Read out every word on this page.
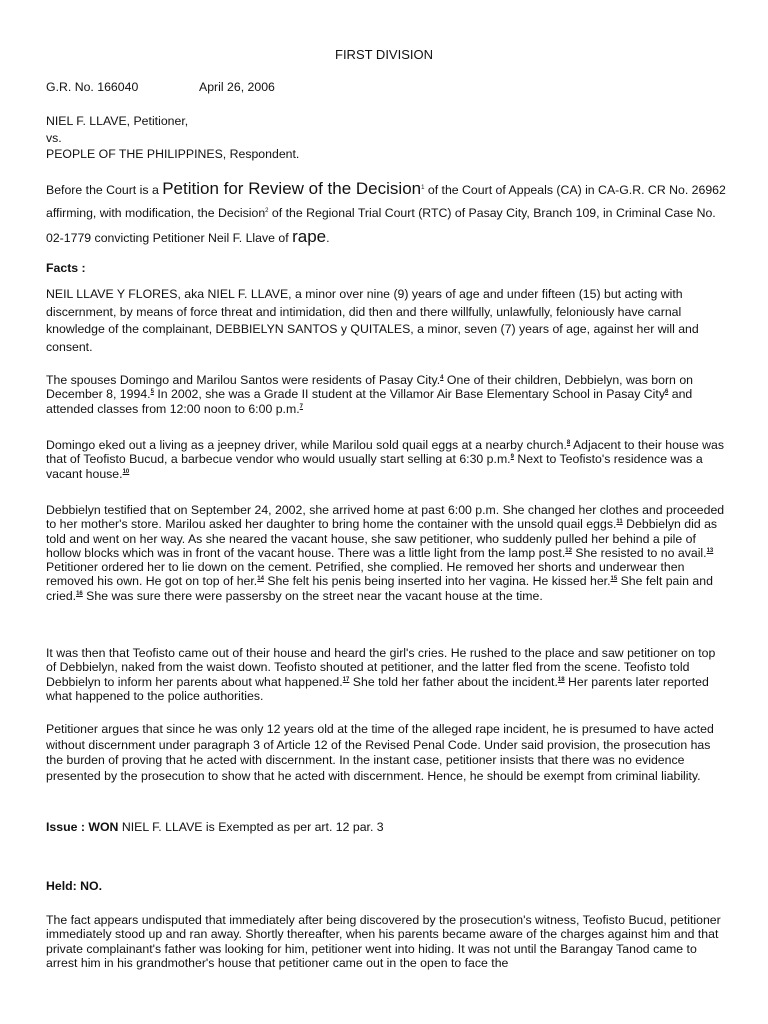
FIRST DIVISION
G.R. No. 166040	April 26, 2006

NIEL F. LLAVE, Petitioner,

vs.

PEOPLE OF THE PHILIPPINES, Respondent.

Before the Court is a Petition for Review of the Decision$^1$ of the Court of Appeals (CA) in CA-G.R. CR No. 26962 affirming, with modification, the Decision$^2$ of the Regional Trial Court (RTC) of Pasay City, Branch 109, in Criminal Case No. 02-1779 convicting Petitioner Neil F. Llave of rape.

Facts :

NEIL LLAVE Y FLORES, aka NIEL F. LLAVE, a minor over nine (9) years of age and under fifteen (15) but acting with discernment, by means of force threat and intimidation, did then and there willfully, unlawfully, feloniously have carnal knowledge of the complainant, DEBBIELYN SANTOS y QUITALES, a minor, seven (7) years of age, against her will and consent.

The spouses Domingo and Marilou Santos were residents of Pasay City.$^4$ One of their children, Debbielyn, was born on December 8, 1994.$^5$ In 2002, she was a Grade II student at the Villamor Air Base Elementary School in Pasay City$^6$ and attended classes from 12:00 noon to 6:00 p.m.$^7$

Domingo eked out a living as a jeepney driver, while Marilou sold quail eggs at a nearby church.$^8$ Adjacent to their house was that of Teofisto Bucud, a barbecue vendor who would usually start selling at 6:30 p.m.$^9$ Next to Teofisto's residence was a vacant house.$^{10}$

Debbielyn testified that on September 24, 2002, she arrived home at past 6:00 p.m. She changed her clothes and proceeded to her mother's store. Marilou asked her daughter to bring home the container with the unsold quail eggs.$^{11}$ Debbielyn did as told and went on her way. As she neared the vacant house, she saw petitioner, who suddenly pulled her behind a pile of hollow blocks which was in front of the vacant house. There was a little light from the lamp post.$^{12}$ She resisted to no avail.$^{13}$ Petitioner ordered her to lie down on the cement. Petrified, she complied. He removed her shorts and underwear then removed his own. He got on top of her.$^{14}$ She felt his penis being inserted into her vagina. He kissed her.$^{15}$ She felt pain and cried.$^{16}$ She was sure there were passersby on the street near the vacant house at the time.

It was then that Teofisto came out of their house and heard the girl's cries. He rushed to the place and saw petitioner on top of Debbielyn, naked from the waist down. Teofisto shouted at petitioner, and the latter fled from the scene. Teofisto told Debbielyn to inform her parents about what happened.$^{17}$ She told her father about the incident.$^{18}$ Her parents later reported what happened to the police authorities.

Petitioner argues that since he was only 12 years old at the time of the alleged rape incident, he is presumed to have acted without discernment under paragraph 3 of Article 12 of the Revised Penal Code. Under said provision, the prosecution has the burden of proving that he acted with discernment. In the instant case, petitioner insists that there was no evidence presented by the prosecution to show that he acted with discernment. Hence, he should be exempt from criminal liability.

Issue : WON NIEL F. LLAVE is Exempted as per art. 12 par. 3
Held: NO.

The fact appears undisputed that immediately after being discovered by the prosecution's witness, Teofisto Bucud, petitioner immediately stood up and ran away. Shortly thereafter, when his parents became aware of the charges against him and that private complainant's father was looking for him, petitioner went into hiding. It was not until the Barangay Tanod came to arrest him in his grandmother's house that petitioner came out in the open to face the
